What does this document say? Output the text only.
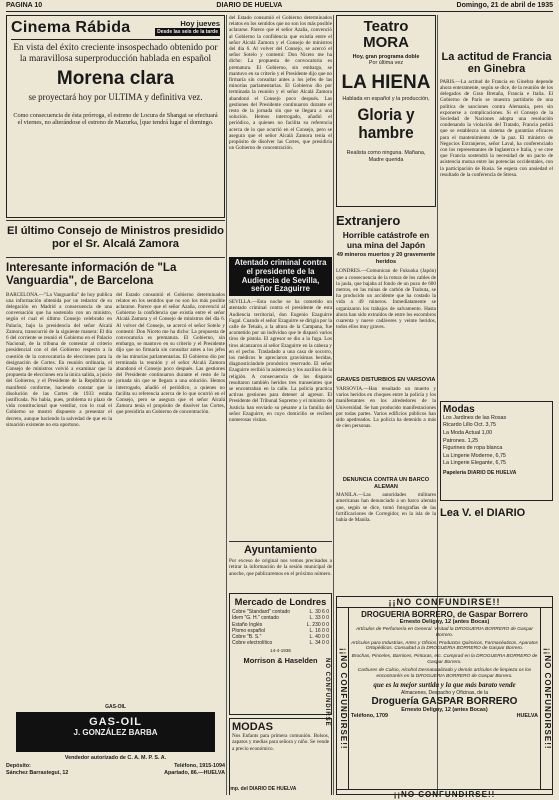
PAGINA 10	DIARIO DE HUELVA	Domingo, 21 de abril de 1935
Cinema Rábida	Hoy jueves
Desde las seis de la tarde
En vista del éxito creciente insospechado obtenido por la maravillosa superproducción hablada en español
Morena clara
se proyectará hoy por ULTIMA y definitiva vez.
Como consecuencia de ésta prórroga, el estreno de Locura de Shangai se efectuará el viernes, no alterándose el estreno de Mazurka, [que tendrá lugar el domingo.
El último Consejo de Ministros presidido por el Sr. Alcalá Zamora
Interesante información de "La Vanguardia", de Barcelona
BARCELONA.—"La Vanguardia" de hoy publica una información obtenida por un redactor de su delegación en Madrid a consecuencia de una conversación que ha sostenido con un ministro, según el cual el último Consejo celebrado en Palacio, bajo la presidencia del señor Alcalá Zamora, transcurrió de la siguiente manera: El día 6 del corriente se reunió el Gobierno en el Palacio Nacional, de la tribuna de contestar al criterio presidencial con el del Gobierno respecto a la cuestión de la convocatoria de elecciones para la designación de Cortes. En reunión ordinaria, el Consejo de ministros volvió a examinar que la propuesta de elecciones era la única salida, a juicio del Gobierno, y el Presidente de la República se manifestó conforme, haciendo constar que la disolución de las Cortes de 1933 estaba justificada. No había, pues, problema ni plazo de vida constitucional que ventilar, con lo cual el Gobierno se mostró dispuesto a presentar el decreto, aunque haciendo la salvedad de que en la situación existente no era oportuno.
del Estado consumió el Gobierno determinados relatos en los sentidos que no son los más posible aclararse. Parece que el señor Azaña, convenció al Gobierno la confidencia que existía entre el señor Alcalá Zamora y el Consejo de ministros del día 6. Al volver del Consejo, se acercó el señor Sotelo y contestó: Don Niceto me ha dicho: La propuesta de convocatoria es prematura. El Gobierno, sin embargo, se mantuvo en su criterio y el Presidente dijo que no firmaría sin consultar antes a los jefes de las minorías parlamentarias. El Gobierno dio por terminada la reunión y el señor Alcalá Zamora abandonó el Consejo poco después. Las gestiones del Presidente continuaron durante el resto de la jornada sin que se llegara a una solución. Hemos interrogado, añadió el periódico, a quienes no facilita su referencia acerca de lo que ocurrió en el Consejo, pero se asegura que el señor Alcalá Zamora tenía el propósito de disolver las Cortes, que presidiría un Gobierno de concentración.
GAS-OIL
GAS-OIL
J. GONZÁLEZ BARBA
Vendedor autorizado de C. A. M. P. S. A.
Depósito:	Teléfono, 1915-1094
Sánchez Barrasteguí, 12	Apartado, 86.—HUELVA
del Estado consumió el Gobierno determinados relatos en los sentidos que no son los más posible aclararse. Parece que el señor Azaña, convenció al Gobierno la confidencia que existía entre el señor Alcalá Zamora y el Consejo de ministros del día 6. Al volver del Consejo, se acercó el señor Sotelo y contestó: Don Niceto me ha dicho: La propuesta de convocatoria es prematura. El Gobierno, sin embargo, se mantuvo en su criterio y el Presidente dijo que no firmaría sin consultar antes a los jefes de las minorías parlamentarias. El Gobierno dio por terminada la reunión y el señor Alcalá Zamora abandonó el Consejo poco después. Las gestiones del Presidente continuaron durante el resto de la jornada sin que se llegara a una solución. Hemos interrogado, añadió el periódico, a quienes no facilita su referencia acerca de lo que ocurrió en el Consejo, pero se asegura que el señor Alcalá Zamora tenía el propósito de disolver las Cortes, que presidiría un Gobierno de concentración.
Atentado criminal contra el presidente de la Audiencia de Sevilla, señor Ezaguirre
SEVILLA.—Esta noche se ha cometido un atentado criminal contra el presidente de esta Audiencia territorial, don Eugenio Ezaguirre Fagal. Cuando el señor Ezaguirre se dirigía por la calle de Tetuán, a la altura de la Campana, fue acometido por un individuo que le disparó varios tiros de pistola. El agresor se dio a la fuga. Los tiros alcanzaron al señor Ezaguirre en la cabeza y en el pecho. Trasladado a una casa de socorro, los médicos le apreciaron gravísimas heridas, diagnosticándole pronóstico reservado. El señor Ezaguirre recibió la asistencia y los auxilios de la religión. A consecuencia de los disparos resultaron también heridos tres transeúntes que se encontraban en la calle. La policía practica activas gestiones para detener al agresor. El Presidente del Tribunal Supremo y el ministro de Justicia han enviado su pésame a la familia del señor Ezaguirre, en cuyo domicilio se reciben numerosas visitas.
Ayuntamiento
Por exceso de original nos vemos precisados a retirar la información de la sesión municipal de anoche, que publicaremos en el próximo número.
Mercado de Londres
Cobre "Standard" contado	L. 30 6 0
Ídem "G. H." contado	L. 33 0 0
Estaño Inglés	L. 230 0 0
Plomo español	L. 16 0 0
Cobre "B. S."	L. 40 0 0
Cobre electrolítico	L. 34 0 0
14-4-1935
Morrison & Haselden
MODAS
Nos Enfants para primera comunión. Bolsos, zapatos y medias para señora y niño. Se vende a precio económico.
Teatro MORA
Hoy, gran programa doble
Por última vez
LA HIENA
Hablada en español y la producción,
Gloria y hambre
Realista como ninguna. Mañana, Madre querida
Extranjero
Horrible catástrofe en una mina del Japón
49 mineros muertos y 20 gravemente heridos
LONDRES.—Comunican de Fukuoka (Japón) que a consecuencia de la rotura de los cables de la jaula, que bajaba al fondo de un pozo de 600 metros, en las minas de carbón de Tsubuta, se ha producido un accidente que ha costado la vida a 49 mineros. Inmediatamente se organizaron los trabajos de salvamento. Hasta ahora han sido extraídos de entre los escombros cuarenta y nueve cadáveres y veinte heridos, todos ellos muy graves.
GRAVES DISTURBIOS EN VARSOVIA
VARSOVIA.—Han resultado un muerto y varios heridos en choques entre la policía y los manifestantes en los alrededores de la Universidad. Se han producido manifestaciones por todas partes. Varios edificios públicos han sido apedreados. La policía ha detenido a más de cien personas.
DENUNCIA CONTRA UN BARCO ALEMAN
MANILA.—Las autoridades militares americanas han denunciado a un barco alemán que, según se dice, tomó fotografías de las fortificaciones de Corregidor, en la isla de la bahía de Manila.
La actitud de Francia en Ginebra
PARIS.—La actitud de Francia en Ginebra depende ahora enteramente, según se dice, de la reunión de los delegados de Gran Bretaña, Francia e Italia. El Gobierno de París se muestra partidario de una política de sanciones contra Alemania, pero sin exponerse a complicaciones. Si el Consejo de la Sociedad de Naciones adopta una resolución condenando la violación del Tratado, Francia pedirá que se establezca un sistema de garantías eficaces para el mantenimiento de la paz. El ministro de Negocios Extranjeros, señor Laval, ha conferenciado con los representantes de Inglaterra e Italia, y se cree que Francia sostendrá la necesidad de un pacto de asistencia mutua entre las potencias occidentales, con la participación de Rusia. Se espera con ansiedad el resultado de la conferencia de Stresa.
Modas
Los Jardines de las Rosas
Ricardo Lillo Oct. 3,75
La Moda Actual 1,00
Patrones. 1,25
Figurines de ropa blanca
La Lingerie Moderne, 6,75
La Lingerie Elegante, 6,75
Papelería DIARIO DE HUELVA
Lea V. el DIARIO
¡¡NO CONFUNDIRSE!!
¡¡NO CONFUNDIRSE!!
DROGUERIA BORRERO, de Gaspar Borrero
Ernesto Deligny, 12 (antes Bocas)
Artículos de Perfumería en General. Visitad la DROGUERIA BORRERO de Gaspar Borrero.
Artículos para Industrias, Artes y Oficios. Productos Químicos, Farmacéuticos. Aparatos Ortopédicos. Consultad a la DROGUERIA BORRERO de Gaspar Borrero.
Brochas, Pinceles, Barnices, Pinturas, etc. Comprad en la DROGUERIA BORRERO de Gaspar Borrero.
Carbures de Calcio, Alcohol Desnaturalizado y demás artículos de limpieza os los encontraréis en la DROGUERIA BORRERO de Gaspar Borrero.
que es la mejor surtida y la que más barato vende
Almacenes, Despacho y Oficinas, de la
Droguería GASPAR BORRERO
Ernesto Deligny, 12 (antes Bocas)
Teléfono, 1709	HUELVA ¡¡NO CONFUNDIRSE!!
¡¡NO CONFUNDIRSE!!
NO CONFUNDIRSE
Imp. del DIARIO DE HUELVA
